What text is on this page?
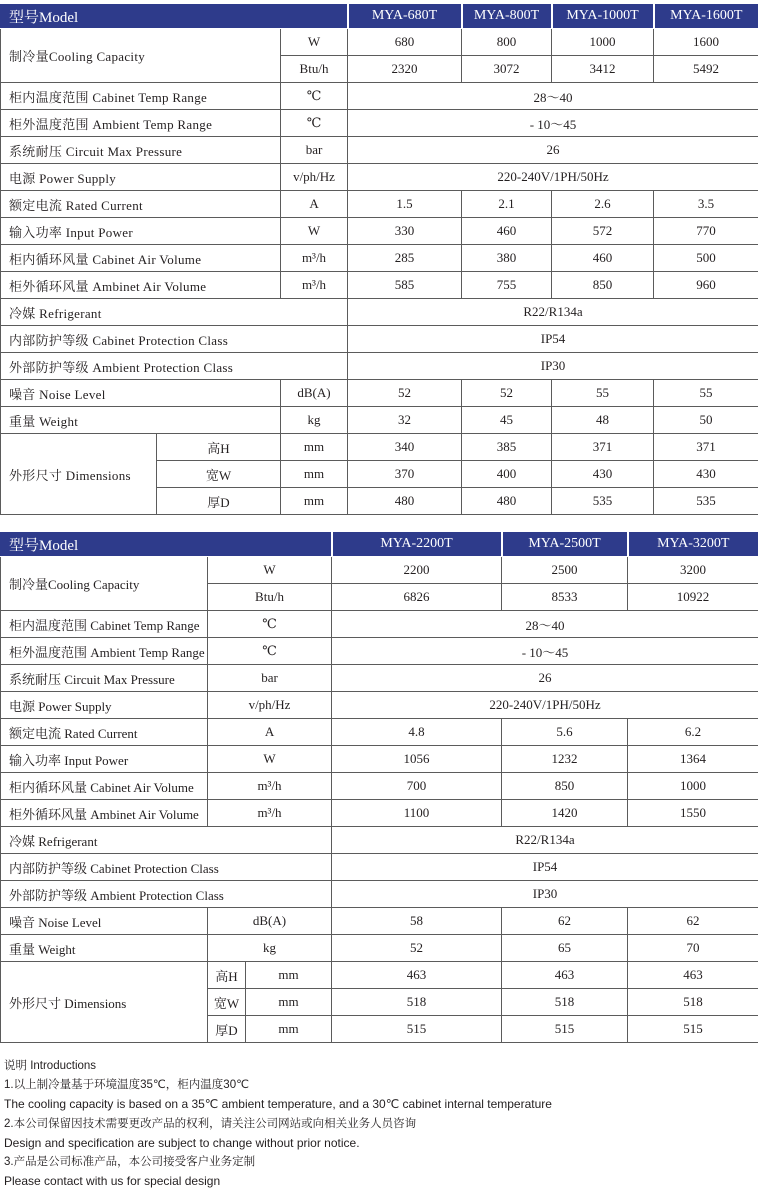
型号Model			MYA-680T	MYA-800T	MYA-1000T	MYA-1600T
制冷量Cooling Capacity		W	680	800	1000	1600
		Btu/h	2320	3072	3412	5492
柜内温度范围 Cabinet Temp Range		℃	28～40			
柜外温度范围 Ambient Temp Range		℃	- 10～45			
系统耐压 Circuit Max Pressure		bar	26			
电源 Power Supply		v/ph/Hz	220-240V/1PH/50Hz			
额定电流 Rated Current		A	1.5	2.1	2.6	3.5
输入功率 Input Power		W	330	460	572	770
柜内循环风量 Cabinet Air Volume		m³/h	285	380	460	500
柜外循环风量 Ambinet Air Volume		m³/h	585	755	850	960
冷媒 Refrigerant			R22/R134a			
内部防护等级 Cabinet Protection Class			IP54			
外部防护等级 Ambient Protection Class			IP30			
噪音 Noise Level		dB(A)	52	52	55	55
重量 Weight		kg	32	45	48	50
外形尺寸 Dimensions	高H	mm	340	385	371	371
	宽W	mm	370	400	430	430
	厚D	mm	480	480	535	535
型号Model			MYA-2200T	MYA-2500T	MYA-3200T
制冷量Cooling Capacity	W		2200	2500	3200
	Btu/h		6826	8533	10922
柜内温度范围 Cabinet Temp Range	℃		28～40		
柜外温度范围 Ambient Temp Range	℃		- 10～45		
系统耐压 Circuit Max Pressure	bar		26		
电源 Power Supply	v/ph/Hz		220-240V/1PH/50Hz		
额定电流 Rated Current	A		4.8	5.6	6.2
输入功率 Input Power	W		1056	1232	1364
柜内循环风量 Cabinet Air Volume	m³/h		700	850	1000
柜外循环风量 Ambinet Air Volume	m³/h		1100	1420	1550
冷媒 Refrigerant			R22/R134a		
内部防护等级 Cabinet Protection Class			IP54		
外部防护等级 Ambient Protection Class			IP30		
噪音 Noise Level	dB(A)		58	62	62
重量 Weight	kg		52	65	70
外形尺寸 Dimensions	高H	mm	463	463	463
	宽W	mm	518	518	518
	厚D	mm	515	515	515
说明 Introductions
1.以上制冷量基于环境温度35℃，柜内温度30℃
The cooling capacity is based on a 35℃ ambient temperature, and a 30℃ cabinet internal temperature
2.本公司保留因技术需要更改产品的权利，请关注公司网站或向相关业务人员咨询
Design and specification are subject to change without prior notice.
3.产品是公司标准产品，本公司接受客户业务定制
Please contact with us for special design
